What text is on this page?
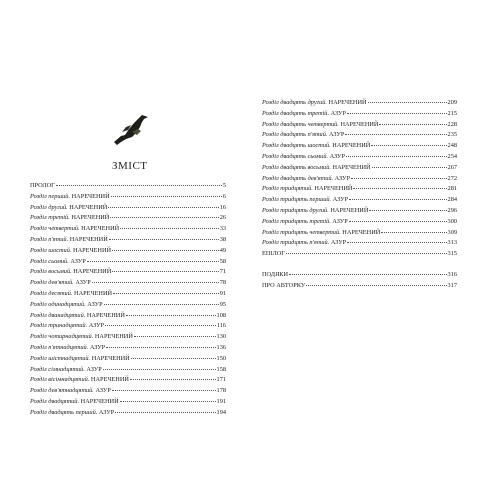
ЗМІСТ
ПРОЛОГ	5
Розділ перший. НАРЕЧЕНИЙ	6
Розділ другий. НАРЕЧЕНИЙ	16
Розділ третій. НАРЕЧЕНИЙ	26
Розділ четвертий. НАРЕЧЕНИЙ	33
Розділ п'ятий. НАРЕЧЕНИЙ	38
Розділ шостий. НАРЕЧЕНИЙ	49
Розділ сьомий. АЗУР	58
Розділ восьмий. НАРЕЧЕНИЙ	71
Розділ дев'ятий. АЗУР	78
Розділ десятий. НАРЕЧЕНИЙ	91
Розділ одинадцятий. АЗУР	95
Розділ дванадцятий. НАРЕЧЕНИЙ	108
Розділ тринадцятий. АЗУР	116
Розділ чотирнадцятий. НАРЕЧЕНИЙ	130
Розділ п'ятнадцятий. АЗУР	136
Розділ шістнадцятий. НАРЕЧЕНИЙ	150
Розділ сімнадцятий. АЗУР	158
Розділ вісімнадцятий. НАРЕЧЕНИЙ	171
Розділ дев'ятнадцятий. АЗУР	178
Розділ двадцятий. НАРЕЧЕНИЙ	191
Розділ двадцять перший. АЗУР	194
Розділ двадцять другий. НАРЕЧЕНИЙ	209
Розділ двадцять третій. АЗУР	215
Розділ двадцять четвертий. НАРЕЧЕНИЙ	228
Розділ двадцять п'ятий. АЗУР	235
Розділ двадцять шостий. НАРЕЧЕНИЙ	248
Розділ двадцять сьомий. АЗУР	254
Розділ двадцять восьмий. НАРЕЧЕНИЙ	267
Розділ двадцять дев'ятий. АЗУР	272
Розділ тридцятий. НАРЕЧЕНИЙ	281
Розділ тридцять перший. АЗУР	284
Розділ тридцять другий. НАРЕЧЕНИЙ	296
Розділ тридцять третій. АЗУР	300
Розділ тридцять четвертий. НАРЕЧЕНИЙ	309
Розділ тридцять п'ятий. АЗУР	313
ЕПІЛОГ	315
ПОДЯКИ	316
ПРО АВТОРКУ	317
